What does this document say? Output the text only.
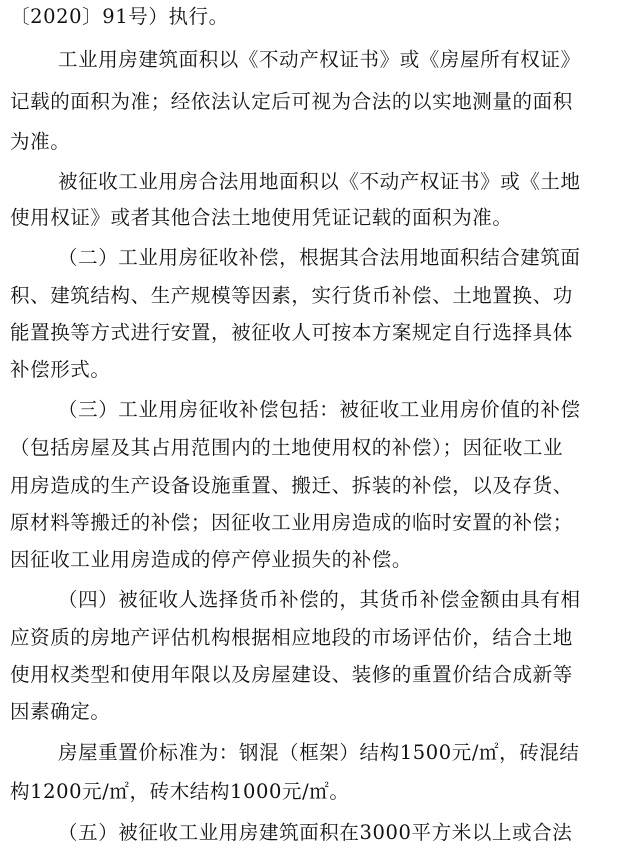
〔2020〕91号）执行。
工业用房建筑面积以《不动产权证书》或《房屋所有权证》
记载的面积为准；经依法认定后可视为合法的以实地测量的面积
为准。
被征收工业用房合法用地面积以《不动产权证书》或《土地
使用权证》或者其他合法土地使用凭证记载的面积为准。
（二）工业用房征收补偿，根据其合法用地面积结合建筑面
积、建筑结构、生产规模等因素，实行货币补偿、土地置换、功
能置换等方式进行安置，被征收人可按本方案规定自行选择具体
补偿形式。
（三）工业用房征收补偿包括：被征收工业用房价值的补偿
（包括房屋及其占用范围内的土地使用权的补偿）；因征收工业
用房造成的生产设备设施重置、搬迁、拆装的补偿，以及存货、
原材料等搬迁的补偿；因征收工业用房造成的临时安置的补偿；
因征收工业用房造成的停产停业损失的补偿。
（四）被征收人选择货币补偿的，其货币补偿金额由具有相
应资质的房地产评估机构根据相应地段的市场评估价，结合土地
使用权类型和使用年限以及房屋建设、装修的重置价结合成新等
因素确定。
房屋重置价标准为：钢混（框架）结构1500元/㎡，砖混结
构1200元/㎡，砖木结构1000元/㎡。
（五）被征收工业用房建筑面积在3000平方米以上或合法
